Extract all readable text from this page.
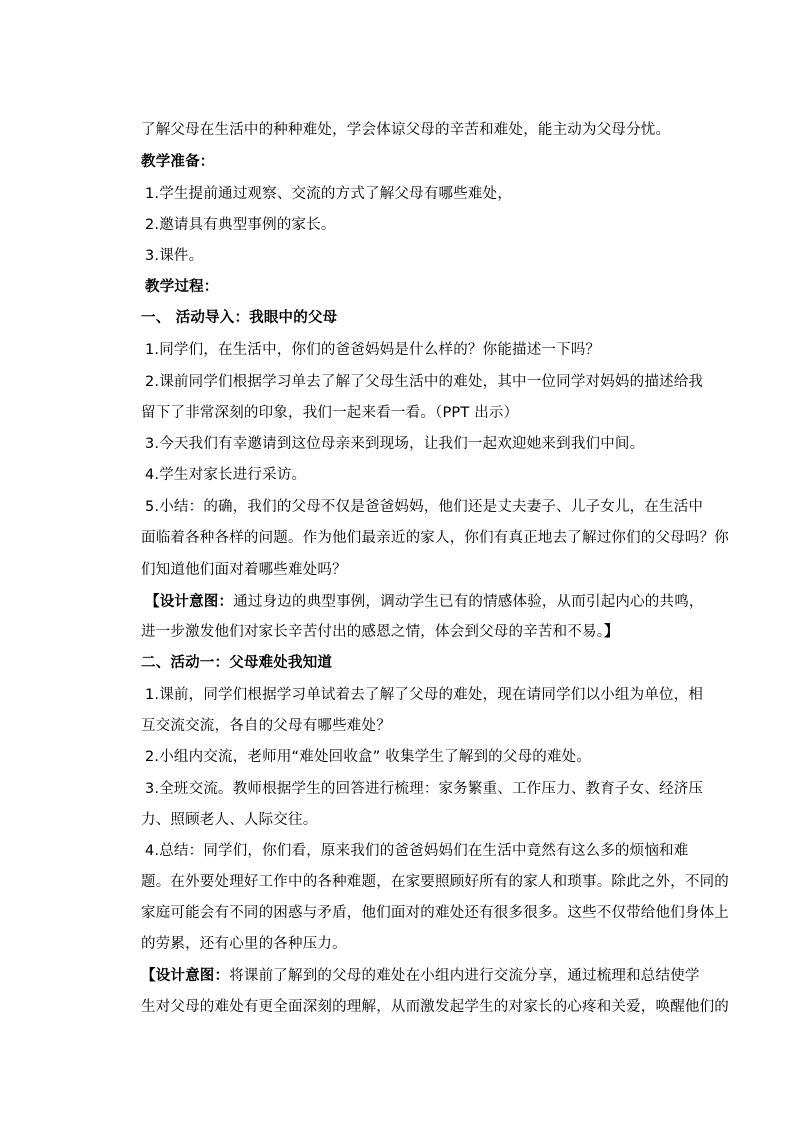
了解父母在生活中的种种难处，学会体谅父母的辛苦和难处，能主动为父母分忧。
教学准备：
1.学生提前通过观察、交流的方式了解父母有哪些难处，
2.邀请具有典型事例的家长。
3.课件。
教学过程：
一、 活动导入：我眼中的父母
1.同学们，在生活中，你们的爸爸妈妈是什么样的？你能描述一下吗？
2.课前同学们根据学习单去了解了父母生活中的难处，其中一位同学对妈妈的描述给我
留下了非常深刻的印象，我们一起来看一看。（PPT 出示）
3.今天我们有幸邀请到这位母亲来到现场，让我们一起欢迎她来到我们中间。
4.学生对家长进行采访。
5.小结：的确，我们的父母不仅是爸爸妈妈，他们还是丈夫妻子、儿子女儿，在生活中
面临着各种各样的问题。作为他们最亲近的家人，你们有真正地去了解过你们的父母吗？你
们知道他们面对着哪些难处吗？
【设计意图：通过身边的典型事例，调动学生已有的情感体验，从而引起内心的共鸣，
进一步激发他们对家长辛苦付出的感恩之情，体会到父母的辛苦和不易。】
二、活动一：父母难处我知道
1.课前，同学们根据学习单试着去了解了父母的难处，现在请同学们以小组为单位，相
互交流交流，各自的父母有哪些难处？
2.小组内交流，老师用“难处回收盒” 收集学生了解到的父母的难处。
3.全班交流。教师根据学生的回答进行梳理：家务繁重、工作压力、教育子女、经济压
力、照顾老人、人际交往。
4.总结：同学们，你们看，原来我们的爸爸妈妈们在生活中竟然有这么多的烦恼和难
题。在外要处理好工作中的各种难题，在家要照顾好所有的家人和琐事。除此之外，不同的
家庭可能会有不同的困惑与矛盾，他们面对的难处还有很多很多。这些不仅带给他们身体上
的劳累，还有心里的各种压力。
【设计意图：将课前了解到的父母的难处在小组内进行交流分享，通过梳理和总结使学
生对父母的难处有更全面深刻的理解，从而激发起学生的对家长的心疼和关爱，唤醒他们的
